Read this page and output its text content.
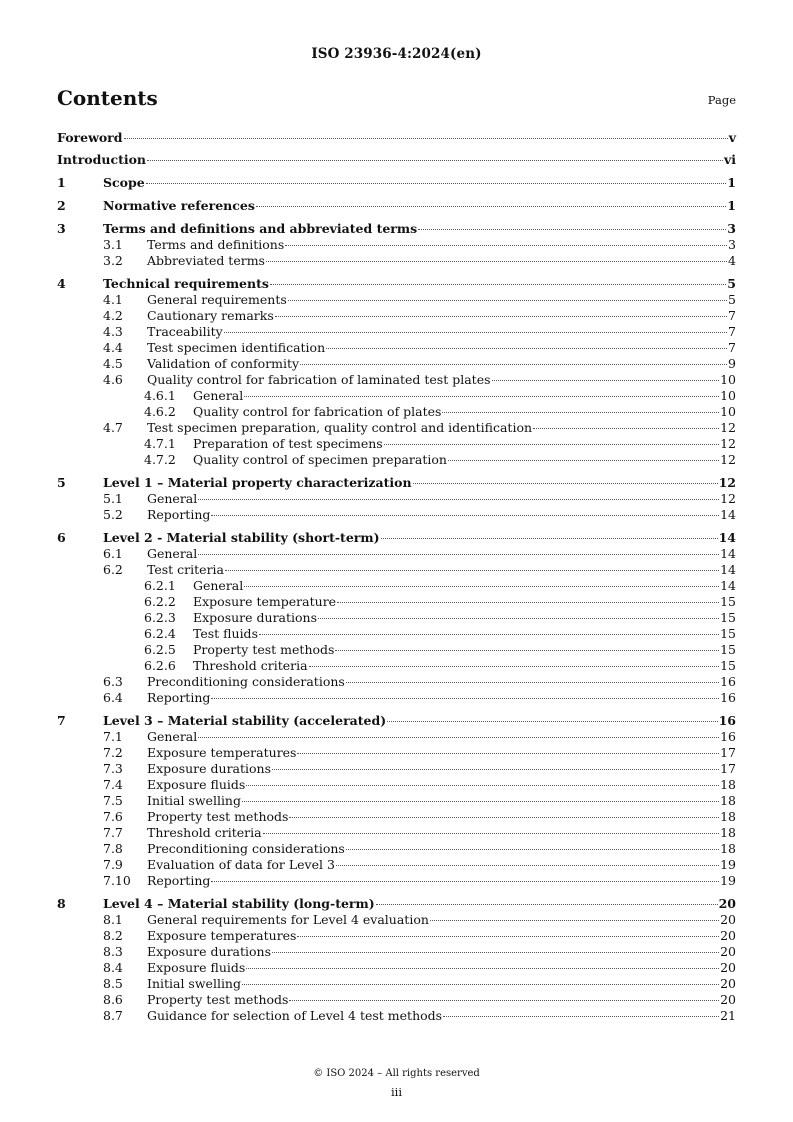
ISO 23936-4:2024(en)
Contents	Page
Foreword	v
Introduction	vi
1	Scope	1
2	Normative references	1
3	Terms and definitions and abbreviated terms	3
3.1 Terms and definitions	3
3.2 Abbreviated terms	4
4	Technical requirements	5
4.1 General requirements	5
4.2 Cautionary remarks	7
4.3 Traceability	7
4.4 Test specimen identification	7
4.5 Validation of conformity	9
4.6 Quality control for fabrication of laminated test plates	10
4.6.1 General	10
4.6.2 Quality control for fabrication of plates	10
4.7 Test specimen preparation, quality control and identification	12
4.7.1 Preparation of test specimens	12
4.7.2 Quality control of specimen preparation	12
5	Level 1 – Material property characterization	12
5.1 General	12
5.2 Reporting	14
6	Level 2 - Material stability (short-term)	14
6.1 General	14
6.2 Test criteria	14
6.2.1 General	14
6.2.2 Exposure temperature	15
6.2.3 Exposure durations	15
6.2.4 Test fluids	15
6.2.5 Property test methods	15
6.2.6 Threshold criteria	15
6.3 Preconditioning considerations	16
6.4 Reporting	16
7	Level 3 – Material stability (accelerated)	16
7.1 General	16
7.2 Exposure temperatures	17
7.3 Exposure durations	17
7.4 Exposure fluids	18
7.5 Initial swelling	18
7.6 Property test methods	18
7.7 Threshold criteria	18
7.8 Preconditioning considerations	18
7.9 Evaluation of data for Level 3	19
7.10 Reporting	19
8	Level 4 – Material stability (long-term)	20
8.1 General requirements for Level 4 evaluation	20
8.2 Exposure temperatures	20
8.3 Exposure durations	20
8.4 Exposure fluids	20
8.5 Initial swelling	20
8.6 Property test methods	20
8.7 Guidance for selection of Level 4 test methods	21
© ISO 2024 – All rights reserved
iii
